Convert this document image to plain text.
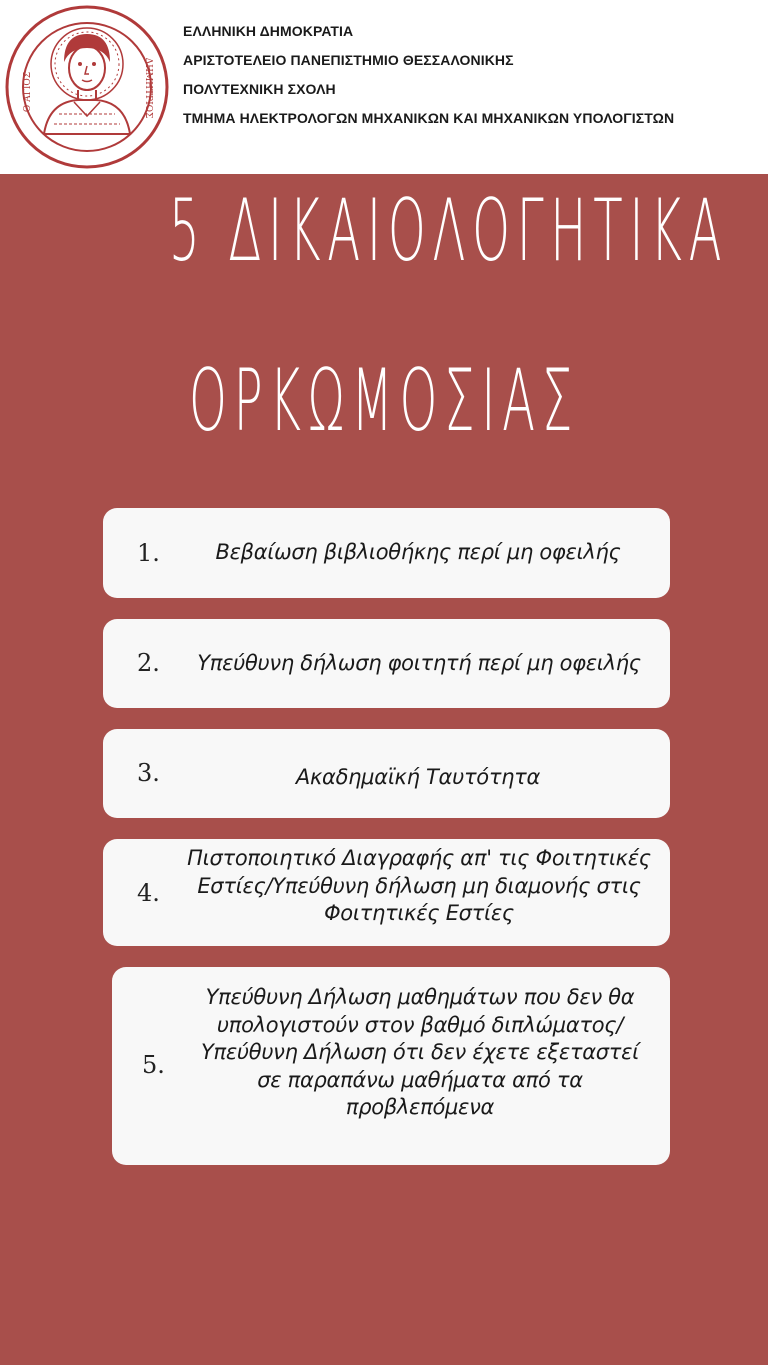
Ο ΑΓΙΟΣ	ΔΗΜΗΤΡΙΟΣ
ΕΛΛΗΝΙΚΗ ΔΗΜΟΚΡΑΤΙΑ
ΑΡΙΣΤΟΤΕΛΕΙΟ ΠΑΝΕΠΙΣΤΗΜΙΟ ΘΕΣΣΑΛΟΝΙΚΗΣ
ΠΟΛΥΤΕΧΝΙΚΗ ΣΧΟΛΗ
ΤΜΗΜΑ ΗΛΕΚΤΡΟΛΟΓΩΝ ΜΗΧΑΝΙΚΩΝ ΚΑΙ ΜΗΧΑΝΙΚΩΝ ΥΠΟΛΟΓΙΣΤΩΝ
5 ΔΙΚΑΙΟΛΟΓΗΤΙΚΑ
ΟΡΚΩΜΟΣΙΑΣ
1.	Βεβαίωση βιβλιοθήκης περί μη οφειλής
2.	Υπεύθυνη δήλωση φοιτητή περί μη οφειλής
3.	Ακαδημαϊκή Ταυτότητα
4.
Πιστοποιητικό Διαγραφής απ' τις Φοιτητικές
Εστίες/Υπεύθυνη δήλωση μη διαμονής στις
Φοιτητικές Εστίες
5.
Υπεύθυνη Δήλωση μαθημάτων που δεν θα
υπολογιστούν στον βαθμό διπλώματος/
Υπεύθυνη Δήλωση ότι δεν έχετε εξεταστεί
σε παραπάνω μαθήματα από τα
προβλεπόμενα
